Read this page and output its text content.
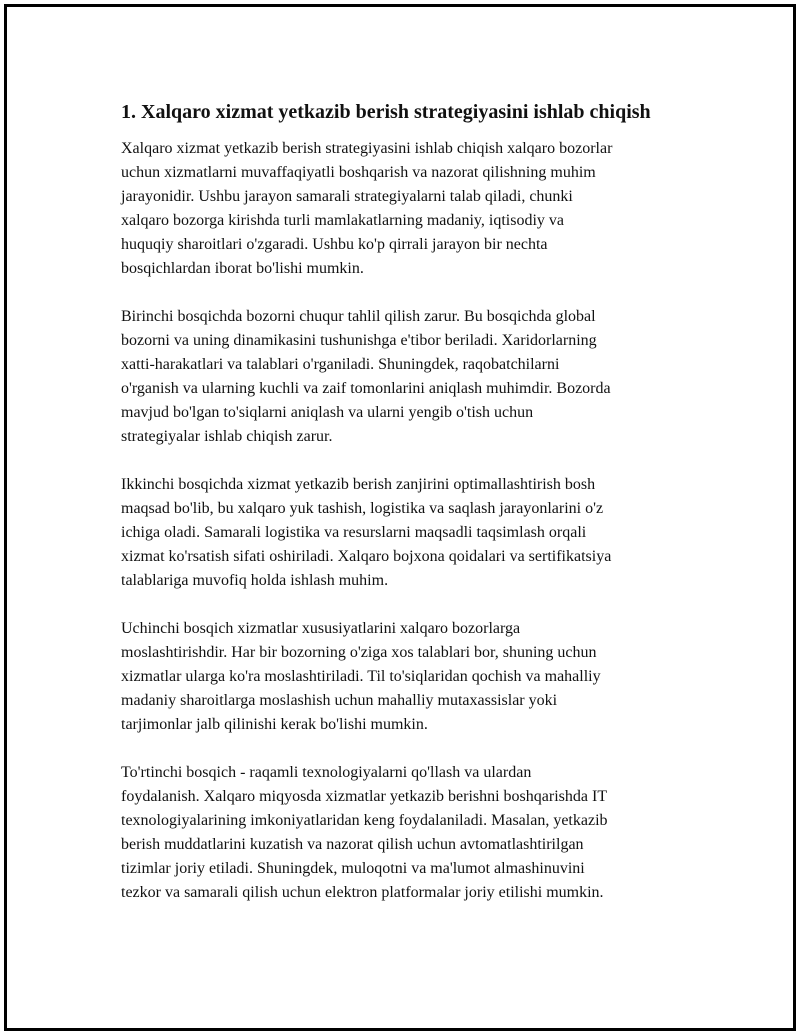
1. Xalqaro xizmat yetkazib berish strategiyasini ishlab chiqish

Xalqaro xizmat yetkazib berish strategiyasini ishlab chiqish xalqaro bozorlar
uchun xizmatlarni muvaffaqiyatli boshqarish va nazorat qilishning muhim
jarayonidir. Ushbu jarayon samarali strategiyalarni talab qiladi, chunki
xalqaro bozorga kirishda turli mamlakatlarning madaniy, iqtisodiy va
huquqiy sharoitlari o'zgaradi. Ushbu ko'p qirrali jarayon bir nechta
bosqichlardan iborat bo'lishi mumkin.

Birinchi bosqichda bozorni chuqur tahlil qilish zarur. Bu bosqichda global
bozorni va uning dinamikasini tushunishga e'tibor beriladi. Xaridorlarning
xatti-harakatlari va talablari o'rganiladi. Shuningdek, raqobatchilarni
o'rganish va ularning kuchli va zaif tomonlarini aniqlash muhimdir. Bozorda
mavjud bo'lgan to'siqlarni aniqlash va ularni yengib o'tish uchun
strategiyalar ishlab chiqish zarur.

Ikkinchi bosqichda xizmat yetkazib berish zanjirini optimallashtirish bosh
maqsad bo'lib, bu xalqaro yuk tashish, logistika va saqlash jarayonlarini o'z
ichiga oladi. Samarali logistika va resurslarni maqsadli taqsimlash orqali
xizmat ko'rsatish sifati oshiriladi. Xalqaro bojxona qoidalari va sertifikatsiya
talablariga muvofiq holda ishlash muhim.

Uchinchi bosqich xizmatlar xususiyatlarini xalqaro bozorlarga
moslashtirishdir. Har bir bozorning o'ziga xos talablari bor, shuning uchun
xizmatlar ularga ko'ra moslashtiriladi. Til to'siqlaridan qochish va mahalliy
madaniy sharoitlarga moslashish uchun mahalliy mutaxassislar yoki
tarjimonlar jalb qilinishi kerak bo'lishi mumkin.

To'rtinchi bosqich - raqamli texnologiyalarni qo'llash va ulardan
foydalanish. Xalqaro miqyosda xizmatlar yetkazib berishni boshqarishda IT
texnologiyalarining imkoniyatlaridan keng foydalaniladi. Masalan, yetkazib
berish muddatlarini kuzatish va nazorat qilish uchun avtomatlashtirilgan
tizimlar joriy etiladi. Shuningdek, muloqotni va ma'lumot almashinuvini
tezkor va samarali qilish uchun elektron platformalar joriy etilishi mumkin.
